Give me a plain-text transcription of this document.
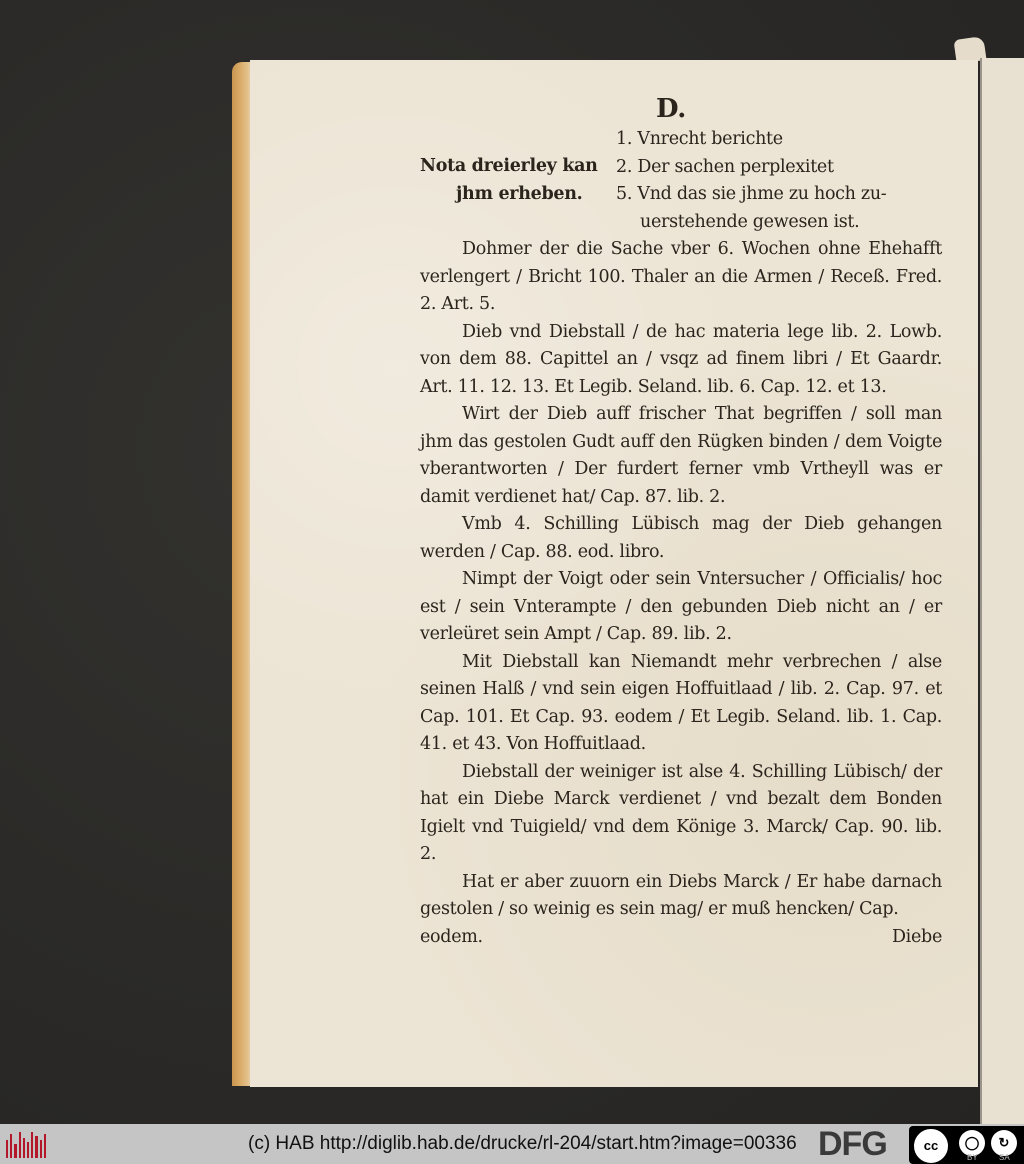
D.
Nota dreierley kan
jhm erheben.
1. Vnrecht berichte
2. Der sachen perplexitet
5. Vnd das sie jhme zu hoch zu-
uerstehende gewesen ist.

Dohmer der die Sache vber 6. Wochen ohne Ehehafft verlengert / Bricht 100. Thaler an die Armen / Receß. Fred. 2. Art. 5.

Dieb vnd Diebstall / de hac materia lege lib. 2. Lowb. von dem 88. Capittel an / vsqz ad finem libri / Et Gaardr. Art. 11. 12. 13. Et Legib. Seland. lib. 6. Cap. 12. et 13.

Wirt der Dieb auff frischer That begriffen / soll man jhm das gestolen Gudt auff den Rügken binden / dem Voigte vberantworten / Der furdert ferner vmb Vrtheyll was er damit verdienet hat/ Cap. 87. lib. 2.

Vmb 4. Schilling Lübisch mag der Dieb gehangen werden / Cap. 88. eod. libro.

Nimpt der Voigt oder sein Vntersucher / Officialis/ hoc est / sein Vnterampte / den gebunden Dieb nicht an / er verleüret sein Ampt / Cap. 89. lib. 2.

Mit Diebstall kan Niemandt mehr verbrechen / alse seinen Halß / vnd sein eigen Hoffuitlaad / lib. 2. Cap. 97. et Cap. 101. Et Cap. 93. eodem / Et Legib. Seland. lib. 1. Cap. 41. et 43. Von Hoffuitlaad.

Diebstall der weiniger ist alse 4. Schilling Lübisch/ der hat ein Diebe Marck verdienet / vnd bezalt dem Bonden Igielt vnd Tuigield/ vnd dem Könige 3. Marck/ Cap. 90. lib. 2.

Hat er aber zuuorn ein Diebs Marck / Er habe darnach gestolen / so weinig es sein mag/ er muß hencken/ Cap.

eodem.	Diebe
(c) HAB http://diglib.hab.de/drucke/rl-204/start.htm?image=00336 DFG	cc	◯	↻
BY	SA
